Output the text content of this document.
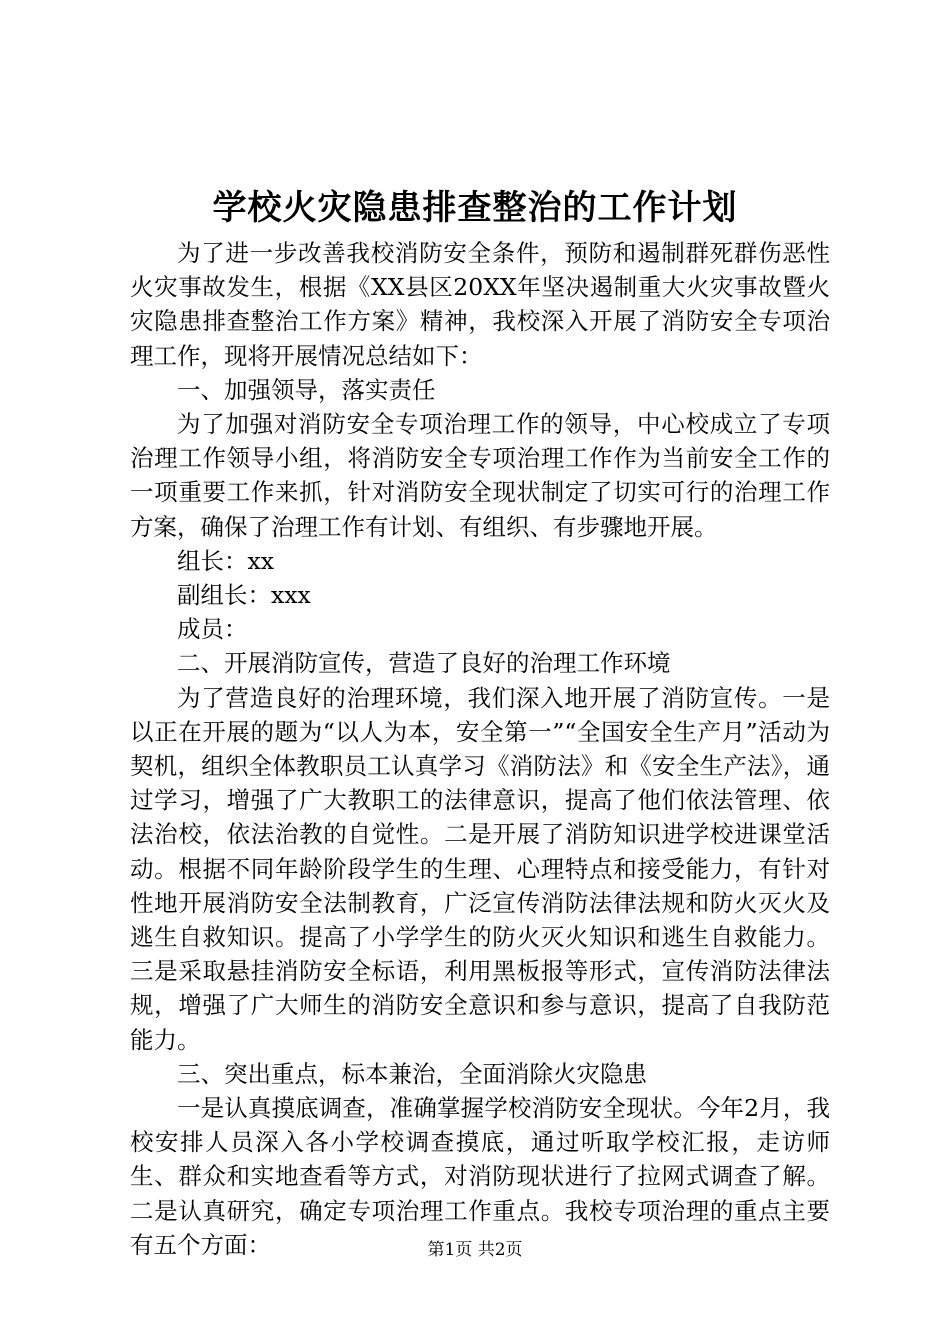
学校火灾隐患排查整治的工作计划

为了进一步改善我校消防安全条件，预防和遏制群死群伤恶性火灾事故发生，根据《XX县区20XX年坚决遏制重大火灾事故暨火灾隐患排查整治工作方案》精神，我校深入开展了消防安全专项治理工作，现将开展情况总结如下：

一、加强领导，落实责任

为了加强对消防安全专项治理工作的领导，中心校成立了专项治理工作领导小组，将消防安全专项治理工作作为当前安全工作的一项重要工作来抓，针对消防安全现状制定了切实可行的治理工作方案，确保了治理工作有计划、有组织、有步骤地开展。

组长：xx

副组长：xxx

成员：

二、开展消防宣传，营造了良好的治理工作环境

为了营造良好的治理环境，我们深入地开展了消防宣传。一是以正在开展的题为“以人为本，安全第一”“全国安全生产月”活动为契机，组织全体教职员工认真学习《消防法》和《安全生产法》，通过学习，增强了广大教职工的法律意识，提高了他们依法管理、依法治校，依法治教的自觉性。二是开展了消防知识进学校进课堂活动。根据不同年龄阶段学生的生理、心理特点和接受能力，有针对性地开展消防安全法制教育，广泛宣传消防法律法规和防火灭火及逃生自救知识。提高了小学学生的防火灭火知识和逃生自救能力。三是采取悬挂消防安全标语，利用黑板报等形式，宣传消防法律法规，增强了广大师生的消防安全意识和参与意识，提高了自我防范能力。

三、突出重点，标本兼治，全面消除火灾隐患

一是认真摸底调查，准确掌握学校消防安全现状。今年2月，我校安排人员深入各小学校调查摸底，通过听取学校汇报，走访师生、群众和实地查看等方式，对消防现状进行了拉网式调查了解。二是认真研究，确定专项治理工作重点。我校专项治理的重点主要有五个方面：	第1页 共2页
